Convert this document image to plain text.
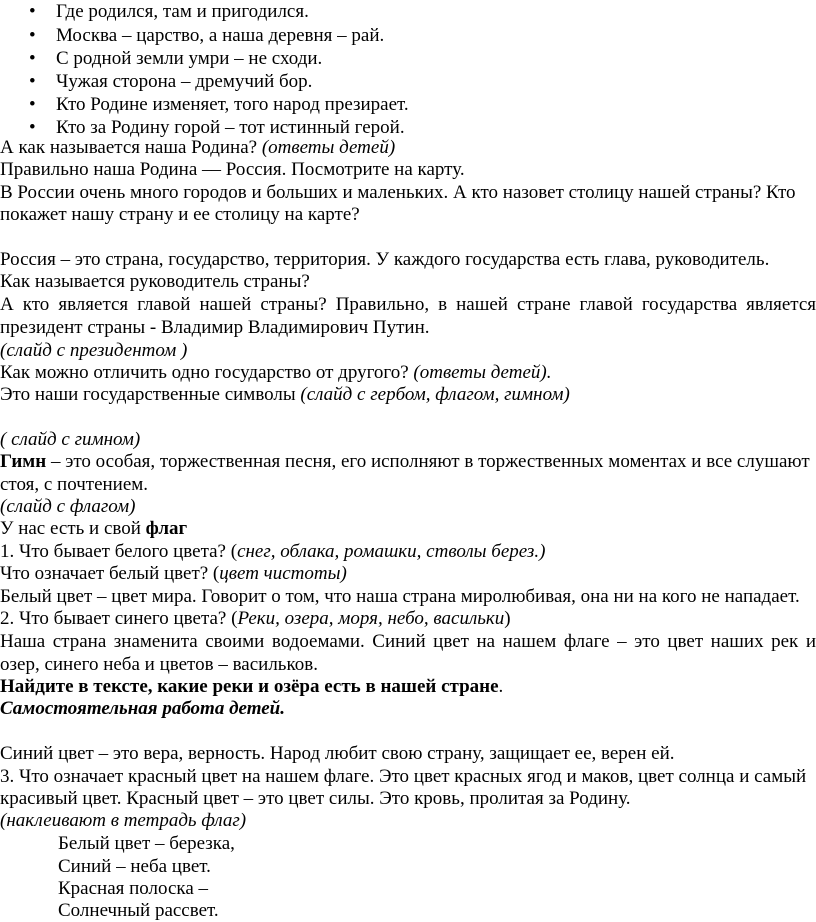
• Где родился, там и пригодился.
• Москва – царство, а наша деревня – рай.
• С родной земли умри – не сходи.
• Чужая сторона – дремучий бор.
• Кто Родине изменяет, того народ презирает.
• Кто за Родину горой – тот истинный герой.
А как называется наша Родина? (ответы детей)
Правильно наша Родина –– Россия. Посмотрите на карту.
В России очень много городов и больших и маленьких. А кто назовет столицу нашей страны? Кто
покажет нашу страну и ее столицу на карте?
Россия – это страна, государство, территория. У каждого государства есть глава, руководитель.
Как называется руководитель страны?
А кто является главой нашей страны? Правильно, в нашей стране главой государства является
президент страны - Владимир Владимирович Путин.
(слайд с президентом )
Как можно отличить одно государство от другого? (ответы детей).
Это наши государственные символы (слайд с гербом, флагом, гимном)
( слайд с гимном)
Гимн – это особая, торжественная песня, его исполняют в торжественных моментах и все слушают
стоя, с почтением.
(слайд с флагом)
У нас есть и свой флаг
1. Что бывает белого цвета? (снег, облака, ромашки, стволы берез.)
Что означает белый цвет? (цвет чистоты)
Белый цвет – цвет мира. Говорит о том, что наша страна миролюбивая, она ни на кого не нападает.
2. Что бывает синего цвета? (Реки, озера, моря, небо, васильки)
Наша страна знаменита своими водоемами. Синий цвет на нашем флаге – это цвет наших рек и
озер, синего неба и цветов – васильков.
Найдите в тексте, какие реки и озёра есть в нашей стране.
Самостоятельная работа детей.
Синий цвет – это вера, верность. Народ любит свою страну, защищает ее, верен ей.
3. Что означает красный цвет на нашем флаге. Это цвет красных ягод и маков, цвет солнца и самый
красивый цвет. Красный цвет – это цвет силы. Это кровь, пролитая за Родину.
(наклеивают в тетрадь флаг)
Белый цвет – березка,
Синий – неба цвет.
Красная полоска –
Солнечный рассвет.
